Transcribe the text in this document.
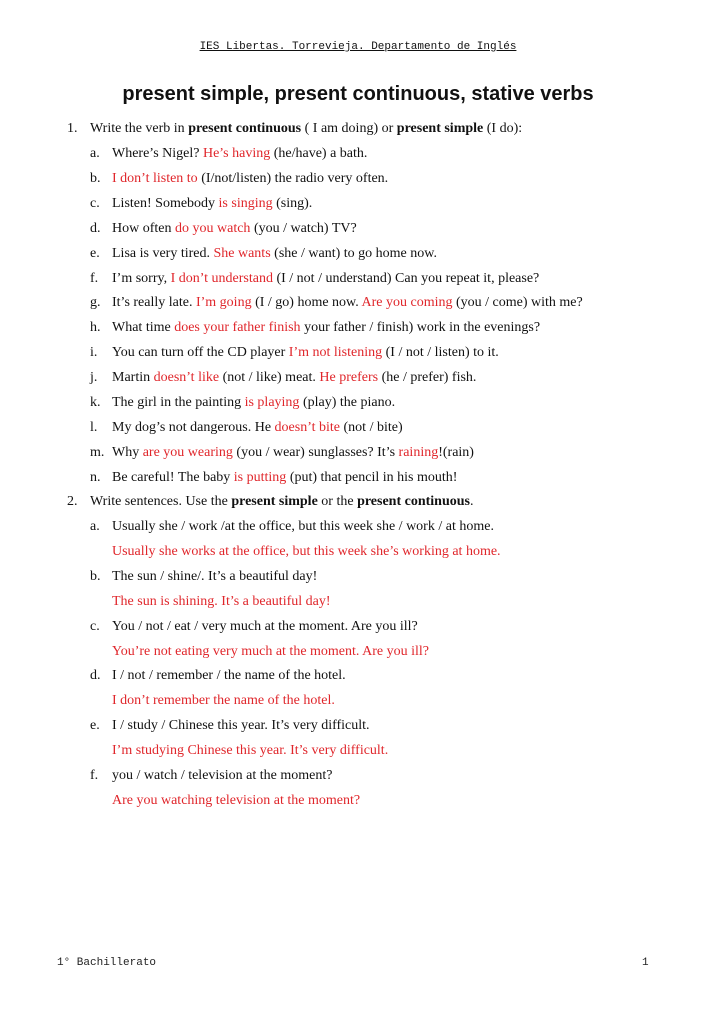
IES Libertas. Torrevieja. Departamento de Inglés
present simple, present continuous, stative verbs
1. Write the verb in present continuous ( I am doing) or present simple (I do):
a. Where’s Nigel? He’s having (he/have) a bath.
b. I don’t listen to (I/not/listen) the radio very often.
c. Listen! Somebody is singing (sing).
d. How often do you watch (you / watch) TV?
e. Lisa is very tired. She wants (she / want) to go home now.
f. I’m sorry, I don’t understand (I / not / understand) Can you repeat it, please?
g. It’s really late. I’m going (I / go) home now. Are you coming (you / come) with me?
h. What time does your father finish your father / finish) work in the evenings?
i. You can turn off the CD player I’m not listening (I / not / listen) to it.
j. Martin doesn’t like (not / like) meat. He prefers (he / prefer) fish.
k. The girl in the painting is playing (play) the piano.
l. My dog’s not dangerous. He doesn’t bite (not / bite)
m. Why are you wearing (you / wear) sunglasses? It’s raining!(rain)
n. Be careful! The baby is putting (put) that pencil in his mouth!
2. Write sentences. Use the present simple or the present continuous.
a. Usually she / work /at the office, but this week she / work / at home.
Usually she works at the office, but this week she’s working at home.
b. The sun / shine/. It’s a beautiful day!
The sun is shining. It’s a beautiful day!
c. You / not / eat / very much at the moment. Are you ill?
You’re not eating very much at the moment. Are you ill?
d. I / not / remember / the name of the hotel.
I don’t remember the name of the hotel.
e. I / study / Chinese this year. It’s very difficult.
I’m studying Chinese this year. It’s very difficult.
f. you / watch / television at the moment?
Are you watching television at the moment?
1° Bachillerato	1
